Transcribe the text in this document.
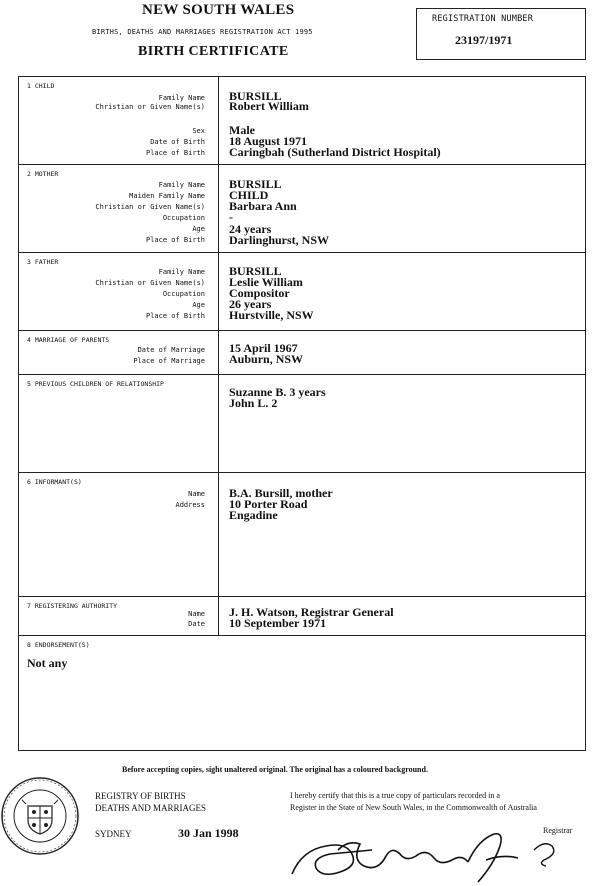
NEW SOUTH WALES
BIRTHS, DEATHS AND MARRIAGES REGISTRATION ACT 1995
BIRTH CERTIFICATE
REGISTRATION NUMBER
23197/1971
1 CHILD
Family Name
Christian or Given Name(s)
Sex
Date of Birth
Place of Birth
BURSILL
Robert William
Male
18 August 1971
Caringbah (Sutherland District Hospital)
2 MOTHER
Family Name
Maiden Family Name
Christian or Given Name(s)
Occupation
Age
Place of Birth
BURSILL
CHILD
Barbara Ann
-
24 years
Darlinghurst, NSW
3 FATHER
Family Name
Christian or Given Name(s)
Occupation
Age
Place of Birth
BURSILL
Leslie William
Compositor
26 years
Hurstville, NSW
4 MARRIAGE OF PARENTS
Date of Marriage
Place of Marriage
15 April 1967
Auburn, NSW
5 PREVIOUS CHILDREN OF RELATIONSHIP
Suzanne B. 3 years
John L. 2
6 INFORMANT(S)
Name
Address
B.A. Bursill, mother
10 Porter Road
Engadine
7 REGISTERING AUTHORITY
Name
Date
J. H. Watson, Registrar General
10 September 1971
8 ENDORSEMENT(S)
Not any
Before accepting copies, sight unaltered original. The original has a coloured background.
REGISTRY OF BIRTHS
DEATHS AND MARRIAGES
I hereby certify that this is a true copy of particulars recorded in a
Register in the State of New South Wales, in the Commonwealth of Australia
SYDNEY	30 Jan 1998	Registrar
